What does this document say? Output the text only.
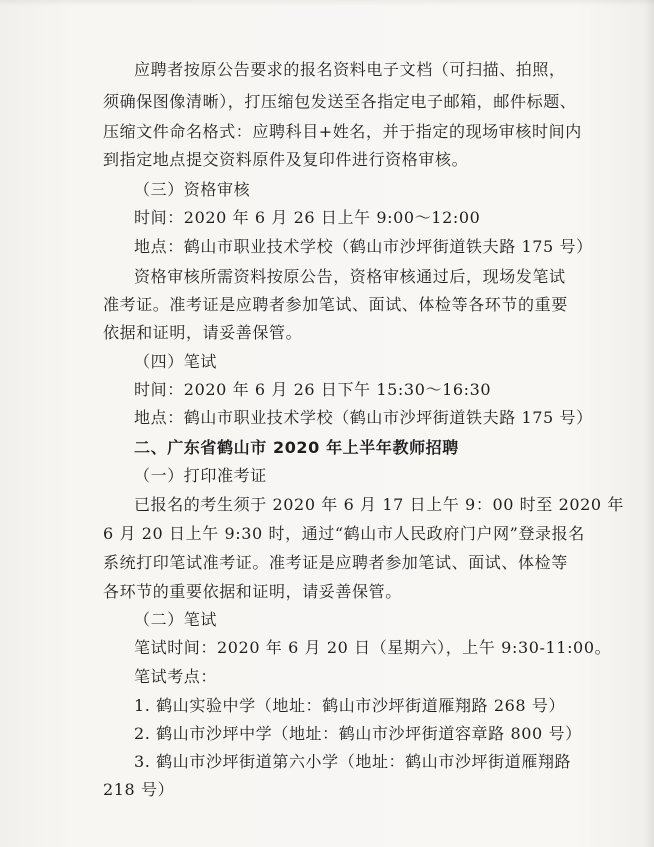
应聘者按原公告要求的报名资料电子文档（可扫描、拍照，
须确保图像清晰），打压缩包发送至各指定电子邮箱，邮件标题、
压缩文件命名格式：应聘科目+姓名，并于指定的现场审核时间内
到指定地点提交资料原件及复印件进行资格审核。
（三）资格审核
时间：2020 年 6 月 26 日上午 9:00～12:00
地点：鹤山市职业技术学校（鹤山市沙坪街道铁夫路 175 号）
资格审核所需资料按原公告，资格审核通过后，现场发笔试
准考证。准考证是应聘者参加笔试、面试、体检等各环节的重要
依据和证明，请妥善保管。
（四）笔试
时间：2020 年 6 月 26 日下午 15:30～16:30
地点：鹤山市职业技术学校（鹤山市沙坪街道铁夫路 175 号）
二、广东省鹤山市 2020 年上半年教师招聘
（一）打印准考证
已报名的考生须于 2020 年 6 月 17 日上午 9：00 时至 2020 年
6 月 20 日上午 9:30 时，通过“鹤山市人民政府门户网”登录报名
系统打印笔试准考证。准考证是应聘者参加笔试、面试、体检等
各环节的重要依据和证明，请妥善保管。
（二）笔试
笔试时间：2020 年 6 月 20 日（星期六），上午 9:30-11:00。
笔试考点：
1. 鹤山实验中学（地址：鹤山市沙坪街道雁翔路 268 号）
2. 鹤山市沙坪中学（地址：鹤山市沙坪街道容章路 800 号）
3. 鹤山市沙坪街道第六小学（地址：鹤山市沙坪街道雁翔路
218 号）
